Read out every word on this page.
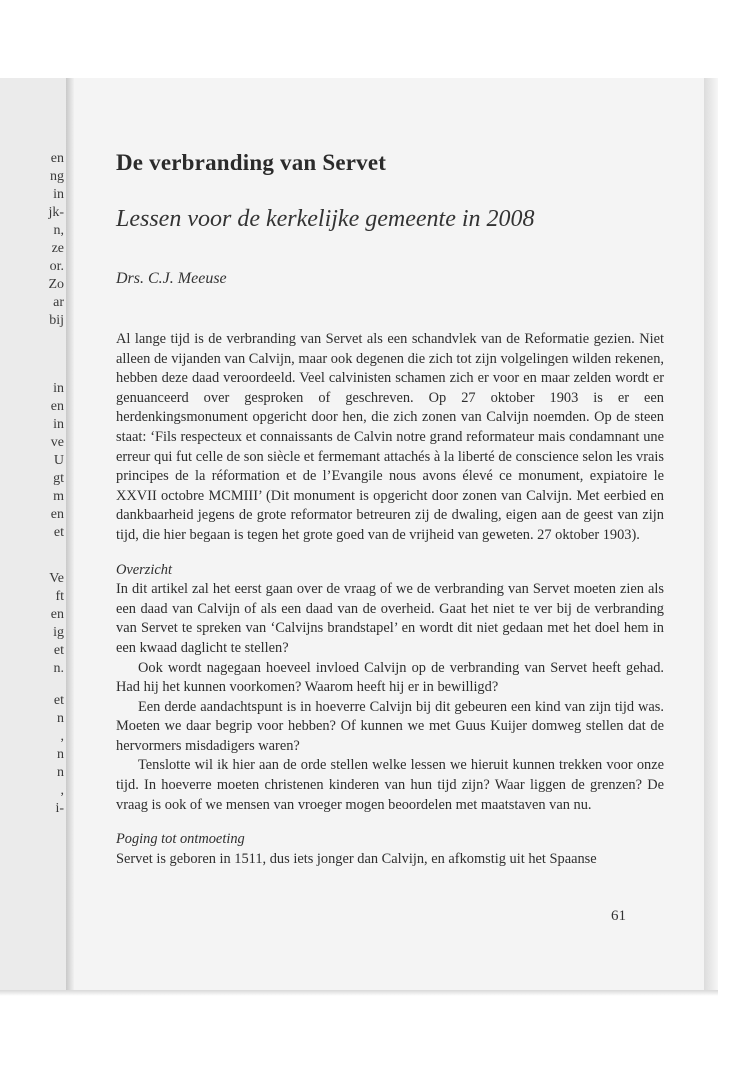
en
ng
in
jk-
n,
ze
or.
Zo
ar
bij
in
en
in
ve
U
gt
m
en
et
Ve
ft
en
ig
et
n.
et
n
,
n
n
,
i-
De verbranding van Servet
Lessen voor de kerkelijke gemeente in 2008
Drs. C.J. Meeuse

Al lange tijd is de verbranding van Servet als een schandvlek van de Reformatie gezien. Niet alleen de vijanden van Calvijn, maar ook degenen die zich tot zijn volgelingen wilden rekenen, hebben deze daad veroordeeld. Veel calvinisten schamen zich er voor en maar zelden wordt er genuanceerd over gesproken of geschreven. Op 27 oktober 1903 is er een herdenkingsmonument opgericht door hen, die zich zonen van Calvijn noemden. Op de steen staat: ‘Fils respecteux et connaissants de Calvin notre grand reformateur mais condamnant une erreur qui fut celle de son siècle et fermemant attachés à la liberté de conscience selon les vrais principes de la réformation et de l’Evangile nous avons élevé ce monument, expiatoire le XXVII octobre MCMIII’ (Dit monument is opgericht door zonen van Calvijn. Met eerbied en dankbaarheid jegens de grote reformator betreuren zij de dwaling, eigen aan de geest van zijn tijd, die hier begaan is tegen het grote goed van de vrijheid van geweten. 27 oktober 1903).

Overzicht

In dit artikel zal het eerst gaan over de vraag of we de verbranding van Servet moeten zien als een daad van Calvijn of als een daad van de overheid. Gaat het niet te ver bij de verbranding van Servet te spreken van ‘Calvijns brandstapel’ en wordt dit niet gedaan met het doel hem in een kwaad daglicht te stellen?

Ook wordt nagegaan hoeveel invloed Calvijn op de verbranding van Servet heeft gehad. Had hij het kunnen voorkomen? Waarom heeft hij er in bewilligd?

Een derde aandachtspunt is in hoeverre Calvijn bij dit gebeuren een kind van zijn tijd was. Moeten we daar begrip voor hebben? Of kunnen we met Guus Kuijer domweg stellen dat de hervormers misdadigers waren?

Tenslotte wil ik hier aan de orde stellen welke lessen we hieruit kunnen trekken voor onze tijd. In hoeverre moeten christenen kinderen van hun tijd zijn? Waar liggen de grenzen? De vraag is ook of we mensen van vroeger mogen beoordelen met maatstaven van nu.

Poging tot ontmoeting

Servet is geboren in 1511, dus iets jonger dan Calvijn, en afkomstig uit het Spaanse

61
